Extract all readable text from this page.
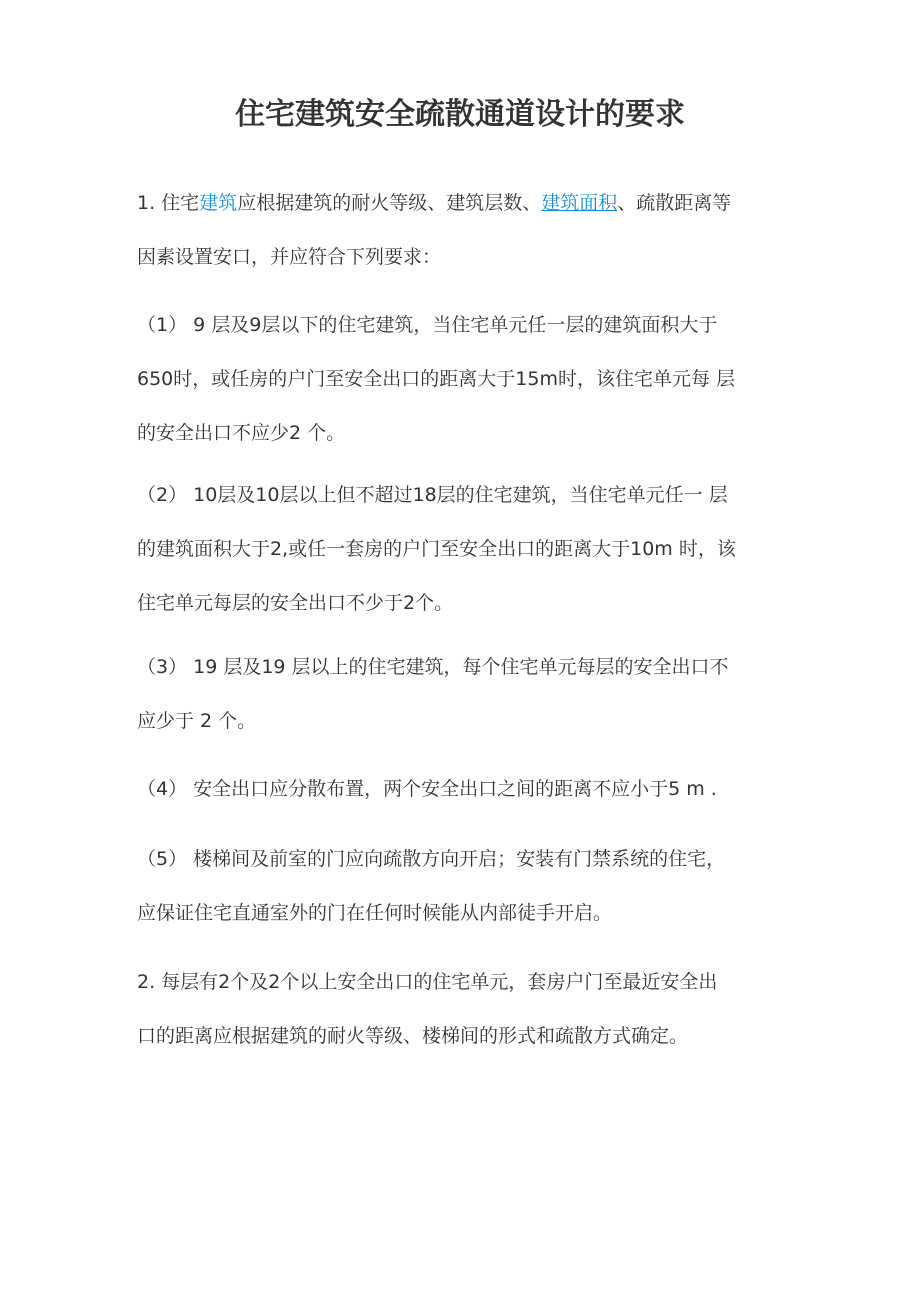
住宅建筑安全疏散通道设计的要求
1. 住宅建筑应根据建筑的耐火等级、建筑层数、建筑面积、疏散距离等
因素设置安口，并应符合下列要求：
（1） 9 层及9层以下的住宅建筑，当住宅单元任一层的建筑面积大于
650时，或任房的户门至安全出口的距离大于15m时，该住宅单元每 层
的安全出口不应少2 个。
（2） 10层及10层以上但不超过18层的住宅建筑，当住宅单元任一 层
的建筑面积大于2,或任一套房的户门至安全出口的距离大于10m 时，该
住宅单元每层的安全出口不少于2个。
（3） 19 层及19 层以上的住宅建筑，每个住宅单元每层的安全出口不
应少于 2 个。
（4） 安全出口应分散布置，两个安全出口之间的距离不应小于5 m .
（5） 楼梯间及前室的门应向疏散方向开启；安装有门禁系统的住宅，
应保证住宅直通室外的门在任何时候能从内部徒手开启。
2. 每层有2个及2个以上安全出口的住宅单元，套房户门至最近安全出
口的距离应根据建筑的耐火等级、楼梯间的形式和疏散方式确定。
